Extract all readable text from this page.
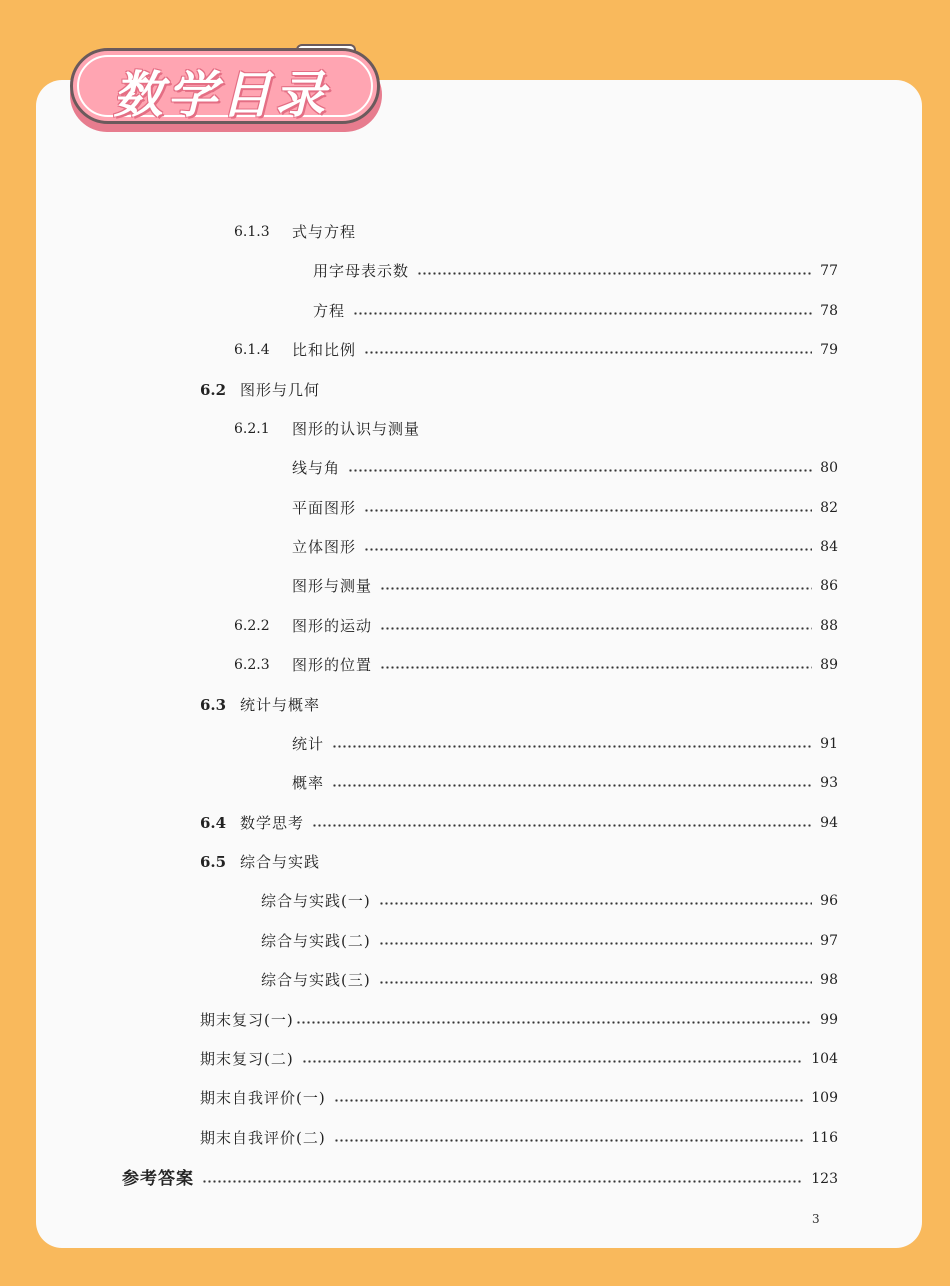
数学目录
6.1.3	式与方程
用字母表示数	77
方程	78
6.1.4	比和比例	79
6.2 图形与几何
6.2.1	图形的认识与测量
线与角	80
平面图形	82
立体图形	84
图形与测量	86
6.2.2	图形的运动	88
6.2.3	图形的位置	89
6.3 统计与概率
统计	91
概率	93
6.4 数学思考	94
6.5 综合与实践
综合与实践(一)	96
综合与实践(二)	97
综合与实践(三)	98
期末复习(一)	99
期末复习(二)	104
期末自我评价(一)	109
期末自我评价(二)	116
参考答案	123
3
